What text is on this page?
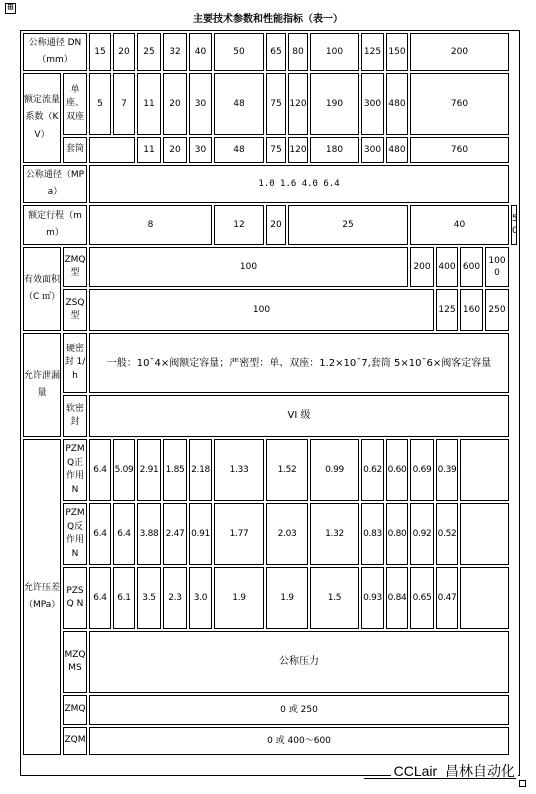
⊞
主要技术参数和性能指标（表一）
公称通径 DN（mm）		15	20	25	32	40	50	65	80	100	125	150	200				
额定流量系数（KV）	单座、双座	5	7	11	20	30	48	75	120	190	300	480	760				
	套筒			11	20	30	48	75	120	180	300	480	760				
公称通径（MPa）		1.0 1.6 4.0 6.4															
额定行程（mm）		8					12	20	25				40				50
有效面积（C ㎡）	ZMQ型	100											200	400	600	1000	
	ZSQ型	100												125	160	250	
允许泄漏量	硬密封 1/h	一般：10ˉ4×阀额定容量；严密型：单、双座：1.2×10ˉ7,套筒 5×10ˉ6×阀客定容量															
	软密封	VI 级															
允许压差（MPa）	PZMQ正作用 N	6.4	5.09	2.91	1.85	2.18	1.33	1.52		0.99	0.62	0.60	0.69	0.39			
	PZMQ反作用 N	6.4	6.4	3.88	2.47	0.91	1.77	2.03		1.32	0.83	0.80	0.92	0.52			
	PZSQ N	6.4	6.1	3.5	2.3	3.0	1.9	1.9		1.5	0.93	0.84	0.65	0.47			
	MZQMS	公称压力															
	ZMQ	0 或 250															
	ZQM	0 或 400～600															
CCLair_昌林自动化
